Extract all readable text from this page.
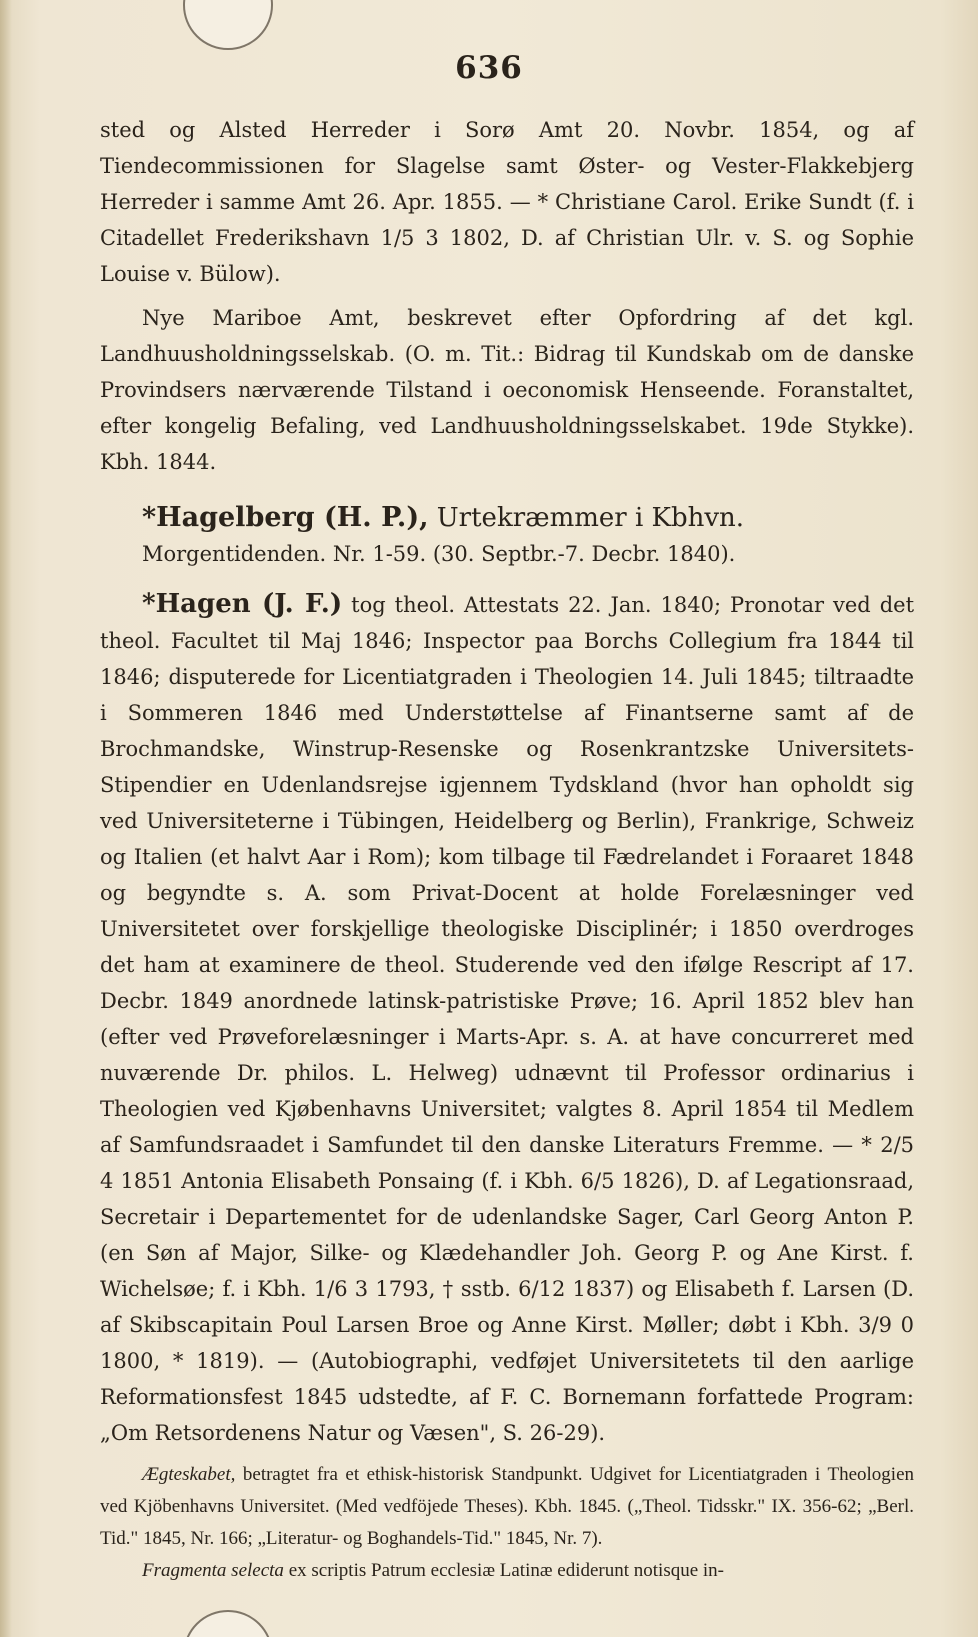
636

sted og Alsted Herreder i Sorø Amt 20. Novbr. 1854, og af Tiendecommissionen for Slagelse samt Øster- og Vester-Flakkebjerg Herreder i samme Amt 26. Apr. 1855. — * Christiane Carol. Erike Sundt (f. i Citadellet Frederikshavn 1/5 3 1802, D. af Christian Ulr. v. S. og Sophie Louise v. Bülow).

Nye Mariboe Amt, beskrevet efter Opfordring af det kgl. Landhuusholdningsselskab. (O. m. Tit.: Bidrag til Kundskab om de danske Provindsers nærværende Tilstand i oeconomisk Henseende. Foranstaltet, efter kongelig Befaling, ved Landhuusholdningsselskabet. 19de Stykke). Kbh. 1844.

*Hagelberg (H. P.), Urtekræmmer i Kbhvn.

Morgentidenden. Nr. 1-59. (30. Septbr.-7. Decbr. 1840).

*Hagen (J. F.) tog theol. Attestats 22. Jan. 1840; Pronotar ved det theol. Facultet til Maj 1846; Inspector paa Borchs Collegium fra 1844 til 1846; disputerede for Licentiatgraden i Theologien 14. Juli 1845; tiltraadte i Sommeren 1846 med Understøttelse af Finantserne samt af de Brochmandske, Winstrup-Resenske og Rosenkrantzske Universitets-Stipendier en Udenlandsrejse igjennem Tydskland (hvor han opholdt sig ved Universiteterne i Tübingen, Heidelberg og Berlin), Frankrige, Schweiz og Italien (et halvt Aar i Rom); kom tilbage til Fædrelandet i Foraaret 1848 og begyndte s. A. som Privat-Docent at holde Forelæsninger ved Universitetet over forskjellige theologiske Disciplinér; i 1850 overdroges det ham at examinere de theol. Studerende ved den ifølge Rescript af 17. Decbr. 1849 anordnede latinsk-patristiske Prøve; 16. April 1852 blev han (efter ved Prøveforelæsninger i Marts-Apr. s. A. at have concurreret med nuværende Dr. philos. L. Helweg) udnævnt til Professor ordinarius i Theologien ved Kjøbenhavns Universitet; valgtes 8. April 1854 til Medlem af Samfundsraadet i Samfundet til den danske Literaturs Fremme. — * 2/5 4 1851 Antonia Elisabeth Ponsaing (f. i Kbh. 6/5 1826), D. af Legationsraad, Secretair i Departementet for de udenlandske Sager, Carl Georg Anton P. (en Søn af Major, Silke- og Klædehandler Joh. Georg P. og Ane Kirst. f. Wichelsøe; f. i Kbh. 1/6 3 1793, † sstb. 6/12 1837) og Elisabeth f. Larsen (D. af Skibscapitain Poul Larsen Broe og Anne Kirst. Møller; døbt i Kbh. 3/9 0 1800, * 1819). — (Autobiographi, vedføjet Universitetets til den aarlige Reformationsfest 1845 udstedte, af F. C. Bornemann forfattede Program: „Om Retsordenens Natur og Væsen", S. 26-29).

Ægteskabet, betragtet fra et ethisk-historisk Standpunkt. Udgivet for Licentiatgraden i Theologien ved Kjöbenhavns Universitet. (Med vedföjede Theses). Kbh. 1845. („Theol. Tidsskr." IX. 356-62; „Berl. Tid." 1845, Nr. 166; „Literatur- og Boghandels-Tid." 1845, Nr. 7).

Fragmenta selecta ex scriptis Patrum ecclesiæ Latinæ ediderunt notisque in-
